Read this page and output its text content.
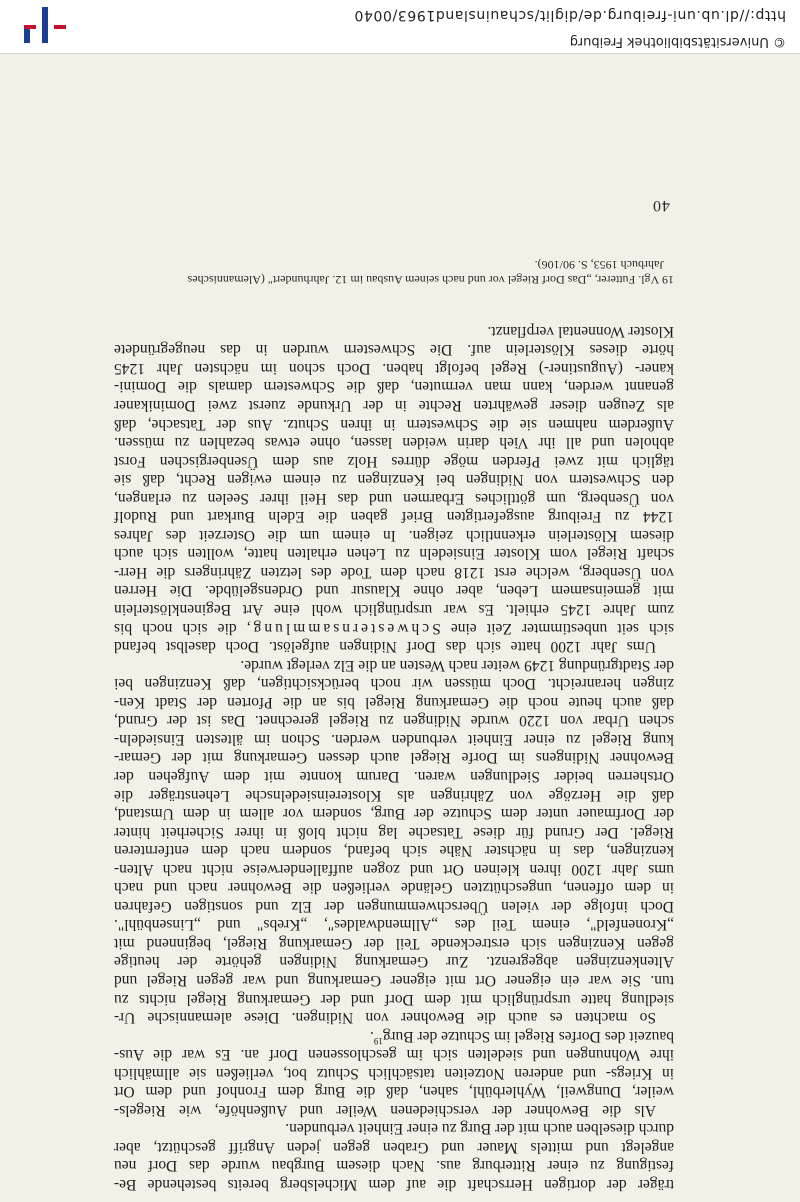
träger der dortigen Herrschaft die auf dem Michelsberg bereits bestehende Be-
festigung zu einer Ritterburg aus. Nach diesem Burgbau wurde das Dorf neu
angelegt und mittels Mauer und Graben gegen jeden Angriff geschützt, aber
durch dieselben auch mit der Burg zu einer Einheit verbunden.
Als die Bewohner der verschiedenen Weiler und Außenhöfe, wie Riegels-
weiler, Dungweil, Wyhlerbühl, sahen, daß die Burg dem Fronhof und dem Ort
in Kriegs- und anderen Notzeiten tatsächlich Schutz bot, verließen sie allmählich
ihre Wohnungen und siedelten sich im geschlossenen Dorf an. Es war die Aus-
bauzeit des Dorfes Riegel im Schutze der Burg$^{19}$.
So machten es auch die Bewohner von Nidingen. Diese alemannische Ur-
siedlung hatte ursprünglich mit dem Dorf und der Gemarkung Riegel nichts zu
tun. Sie war ein eigener Ort mit eigener Gemarkung und war gegen Riegel und
Altenkenzingen abgegrenzt. Zur Gemarkung Nidingen gehörte der heutige
gegen Kenzingen sich erstreckende Teil der Gemarkung Riegel, beginnend mit
„Kronenfeld", einem Teil des „Allmendwaldes", „Krebs" und „Linsenbühl".
Doch infolge der vielen Überschwemmungen der Elz und sonstigen Gefahren
in dem offenen, ungeschützten Gelände verließen die Bewohner nach und nach
ums Jahr 1200 ihren kleinen Ort und zogen auffallenderweise nicht nach Alten-
kenzingen, das in nächster Nähe sich befand, sondern nach dem entfernteren
Riegel. Der Grund für diese Tatsache lag nicht bloß in ihrer Sicherheit hinter
der Dorfmauer unter dem Schutze der Burg, sondern vor allem in dem Umstand,
daß die Herzöge von Zähringen als Klostereinsiedelnsche Lehensträger die
Ortsherren beider Siedlungen waren. Darum konnte mit dem Aufgehen der
Bewohner Nidingens im Dorfe Riegel auch dessen Gemarkung mit der Gemar-
kung Riegel zu einer Einheit verbunden werden. Schon im ältesten Einsiedeln-
schen Urbar von 1220 wurde Nidingen zu Riegel gerechnet. Das ist der Grund,
daß auch heute noch die Gemarkung Riegel bis an die Pforten der Stadt Ken-
zingen heranreicht. Doch müssen wir noch berücksichtigen, daß Kenzingen bei
der Stadtgründung 1249 weiter nach Westen an die Elz verlegt wurde.
Ums Jahr 1200 hatte sich das Dorf Nidingen aufgelöst. Doch daselbst befand
sich seit unbestimmter Zeit eine Schwesternsammlung, die sich noch bis
zum Jahre 1245 erhielt. Es war ursprünglich wohl eine Art Beginenklösterlein
mit gemeinsamem Leben, aber ohne Klausur und Ordensgelübde. Die Herren
von Üsenberg, welche erst 1218 nach dem Tode des letzten Zähringers die Herr-
schaft Riegel vom Kloster Einsiedeln zu Lehen erhalten hatte, wollten sich auch
diesem Klösterlein erkenntlich zeigen. In einem um die Osterzeit des Jahres
1244 zu Freiburg ausgefertigten Brief gaben die Edeln Burkart und Rudolf
von Üsenberg, um göttliches Erbarmen und das Heil ihrer Seelen zu erlangen,
den Schwestern von Nidingen bei Kenzingen zu einem ewigen Recht, daß sie
täglich mit zwei Pferden möge dürres Holz aus dem Üsenbergischen Forst
abholen und all ihr Vieh darin weiden lassen, ohne etwas bezahlen zu müssen.
Außerdem nahmen sie die Schwestern in ihren Schutz. Aus der Tatsache, daß
als Zeugen dieser gewährten Rechte in der Urkunde zuerst zwei Dominikaner
genannt werden, kann man vermuten, daß die Schwestern damals die Domini-
kaner- (Augustiner-) Regel befolgt haben. Doch schon im nächsten Jahr 1245
hörte dieses Klösterlein auf. Die Schwestern wurden in das neugegründete
Kloster Wonnental verpflanzt.
19 Vgl. Futterer, „Das Dorf Riegel vor und nach seinem Ausbau im 12. Jahrhundert" (Alemannisches
Jahrbuch 1953, S. 90/106).
40
http://dl.ub.uni-freiburg.de/diglit/schauinsland1963/0040
© Universitätsbibliothek Freiburg
